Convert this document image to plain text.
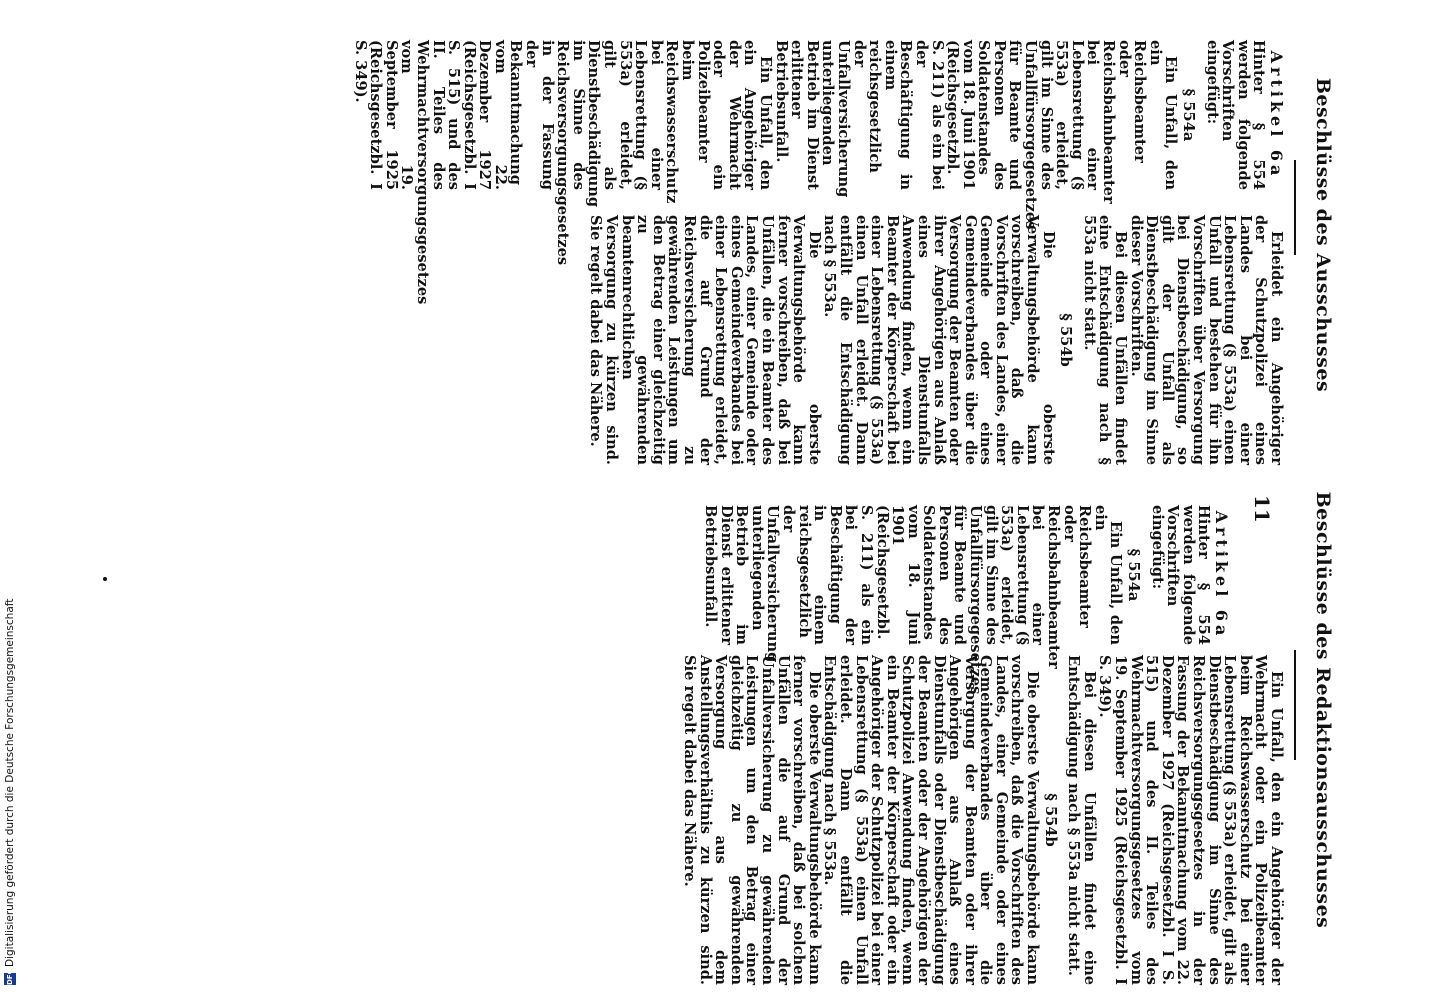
Beschlüsse des Ausschusses
Beschlüsse des Redaktionsausschusses
11
Artikel 6a

Hinter § 554 werden folgende Vorschriften eingefügt:

§ 554a

Ein Unfall, den ein Reichsbeamter oder Reichsbahnbeamter bei einer Lebensrettung (§ 553a) erleidet, gilt im Sinne des Unfallfürsorgegesetzes für Beamte und Personen des Soldatenstandes vom 18. Juni 1901 (Reichsgesetzbl. S. 211) als ein bei der Beschäftigung in einem reichsgesetzlich der Unfallversicherung unterliegenden Betrieb im Dienst erlittener Betriebsunfall.

Ein Unfall, den ein Angehöriger der Wehrmacht oder ein Polizeibeamter beim Reichswasserschutz bei einer Lebensrettung (§ 553a) erleidet, gilt als Dienstbeschädigung im Sinne des Reichsversorgungsgesetzes in der Fassung der Bekanntmachung vom 22. Dezember 1927 (Reichsgesetzbl. I S. 515) und des II. Teiles des Wehrmachtversorgungsgesetzes vom 19. September 1925 (Reichsgesetzbl. I S. 349).

Erleidet ein Angehöriger der Schutzpolizei eines Landes bei einer Lebensrettung (§ 553a) einen Unfall und bestehen für ihn Vorschriften über Versorgung bei Dienstbeschädigung, so gilt der Unfall als Dienstbeschädigung im Sinne dieser Vorschriften.

Bei diesen Unfällen findet eine Entschädigung nach § 553a nicht statt.

§ 554b

Die oberste Verwaltungsbehörde kann vorschreiben, daß die Vorschriften des Landes, einer Gemeinde oder eines Gemeindeverbandes über die Versorgung der Beamten oder ihrer Angehörigen aus Anlaß eines Dienstunfalls Anwendung finden, wenn ein Beamter der Körperschaft bei einer Lebensrettung (§ 553a) einen Unfall erleidet. Dann entfällt die Entschädigung nach § 553a.

Die oberste Verwaltungsbehörde kann ferner vorschreiben, daß bei Unfällen, die ein Beamter des Landes, einer Gemeinde oder eines Gemeindeverbandes bei einer Lebensrettung erleidet, die auf Grund der Reichsversicherung zu gewährenden Leistungen um den Betrag einer gleichzeitig zu gewährenden beamtenrechtlichen Versorgung zu kürzen sind. Sie regelt dabei das Nähere.

Artikel 6a

Hinter § 554 werden folgende Vorschriften eingefügt:

§ 554a

Ein Unfall, den ein Reichsbeamter oder Reichsbahnbeamter bei einer Lebensrettung (§ 553a) erleidet, gilt im Sinne des Unfallfürsorgegesetzes für Beamte und Personen des Soldatenstandes vom 18. Juni 1901 (Reichsgesetzbl. S. 211) als ein bei der Beschäftigung in einem reichsgesetzlich der Unfallversicherung unterliegenden Betrieb im Dienst erlittener Betriebsunfall.

Ein Unfall, den ein Angehöriger der Wehrmacht oder ein Polizeibeamter beim Reichswasserschutz bei einer Lebensrettung (§ 553a) erleidet, gilt als Dienstbeschädigung im Sinne des Reichsversorgungsgesetzes in der Fassung der Bekanntmachung vom 22. Dezember 1927 (Reichsgesetzbl. I S. 515) und des II. Teiles des Wehrmachtversorgungsgesetzes vom 19. September 1925 (Reichsgesetzbl. I S. 349).

Bei diesen Unfällen findet eine Entschädigung nach § 553a nicht statt.

§ 554b

Die oberste Verwaltungsbehörde kann vorschreiben, daß die Vorschriften des Landes, einer Gemeinde oder eines Gemeindeverbandes über die Versorgung der Beamten oder ihrer Angehörigen aus Anlaß eines Dienstunfalls oder Dienstbeschädigung der Beamten oder der Angehörigen der Schutzpolizei Anwendung finden, wenn ein Beamter der Körperschaft oder ein Angehöriger der Schutzpolizei bei einer Lebensrettung (§ 553a) einen Unfall erleidet. Dann entfällt die Entschädigung nach § 553a.

Die oberste Verwaltungsbehörde kann ferner vorschreiben, daß bei solchen Unfällen die auf Grund der Unfallversicherung zu gewährenden Leistungen um den Betrag einer gleichzeitig zu gewährenden Versorgung aus dem Anstellungsverhältnis zu kürzen sind. Sie regelt dabei das Nähere.

DFG
Digitalisierung gefördert durch die Deutsche Forschungsgemeinschaft
